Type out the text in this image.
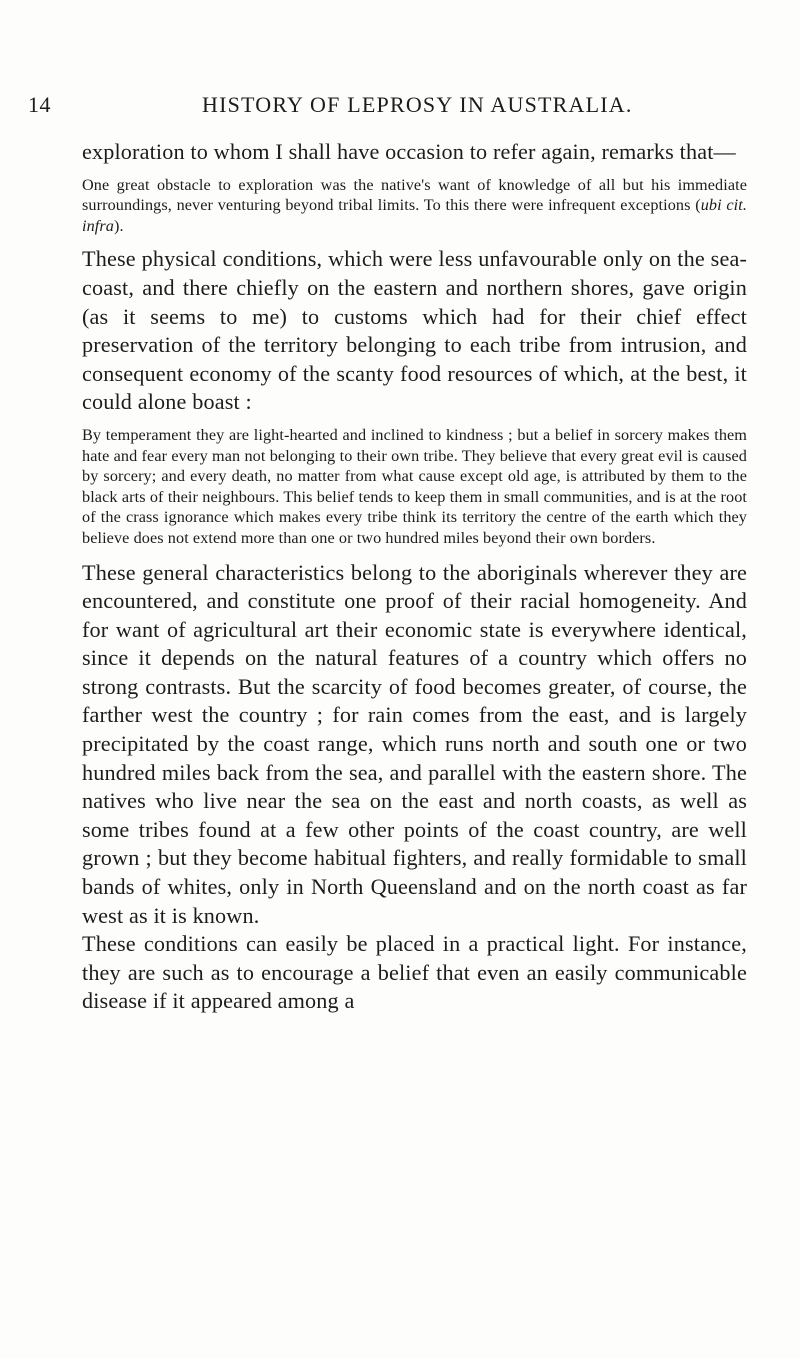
14	HISTORY OF LEPROSY IN AUSTRALIA.

exploration to whom I shall have occasion to refer again, remarks that—

One great obstacle to exploration was the native's want of knowledge of all but his immediate surroundings, never venturing beyond tribal limits. To this there were infrequent exceptions (ubi cit. infra).

These physical conditions, which were less unfavourable only on the sea-coast, and there chiefly on the eastern and northern shores, gave origin (as it seems to me) to customs which had for their chief effect preservation of the territory belonging to each tribe from intrusion, and consequent economy of the scanty food resources of which, at the best, it could alone boast :

By temperament they are light-hearted and inclined to kindness ; but a belief in sorcery makes them hate and fear every man not belonging to their own tribe. They believe that every great evil is caused by sorcery; and every death, no matter from what cause except old age, is attributed by them to the black arts of their neighbours. This belief tends to keep them in small communities, and is at the root of the crass ignorance which makes every tribe think its territory the centre of the earth which they believe does not extend more than one or two hundred miles beyond their own borders.

These general characteristics belong to the aboriginals wherever they are encountered, and constitute one proof of their racial homogeneity. And for want of agricultural art their economic state is everywhere identical, since it depends on the natural features of a country which offers no strong contrasts. But the scarcity of food becomes greater, of course, the farther west the country ; for rain comes from the east, and is largely precipitated by the coast range, which runs north and south one or two hundred miles back from the sea, and parallel with the eastern shore. The natives who live near the sea on the east and north coasts, as well as some tribes found at a few other points of the coast country, are well grown ; but they become habitual fighters, and really formidable to small bands of whites, only in North Queensland and on the north coast as far west as it is known.

These conditions can easily be placed in a practical light. For instance, they are such as to encourage a belief that even an easily communicable disease if it appeared among a
